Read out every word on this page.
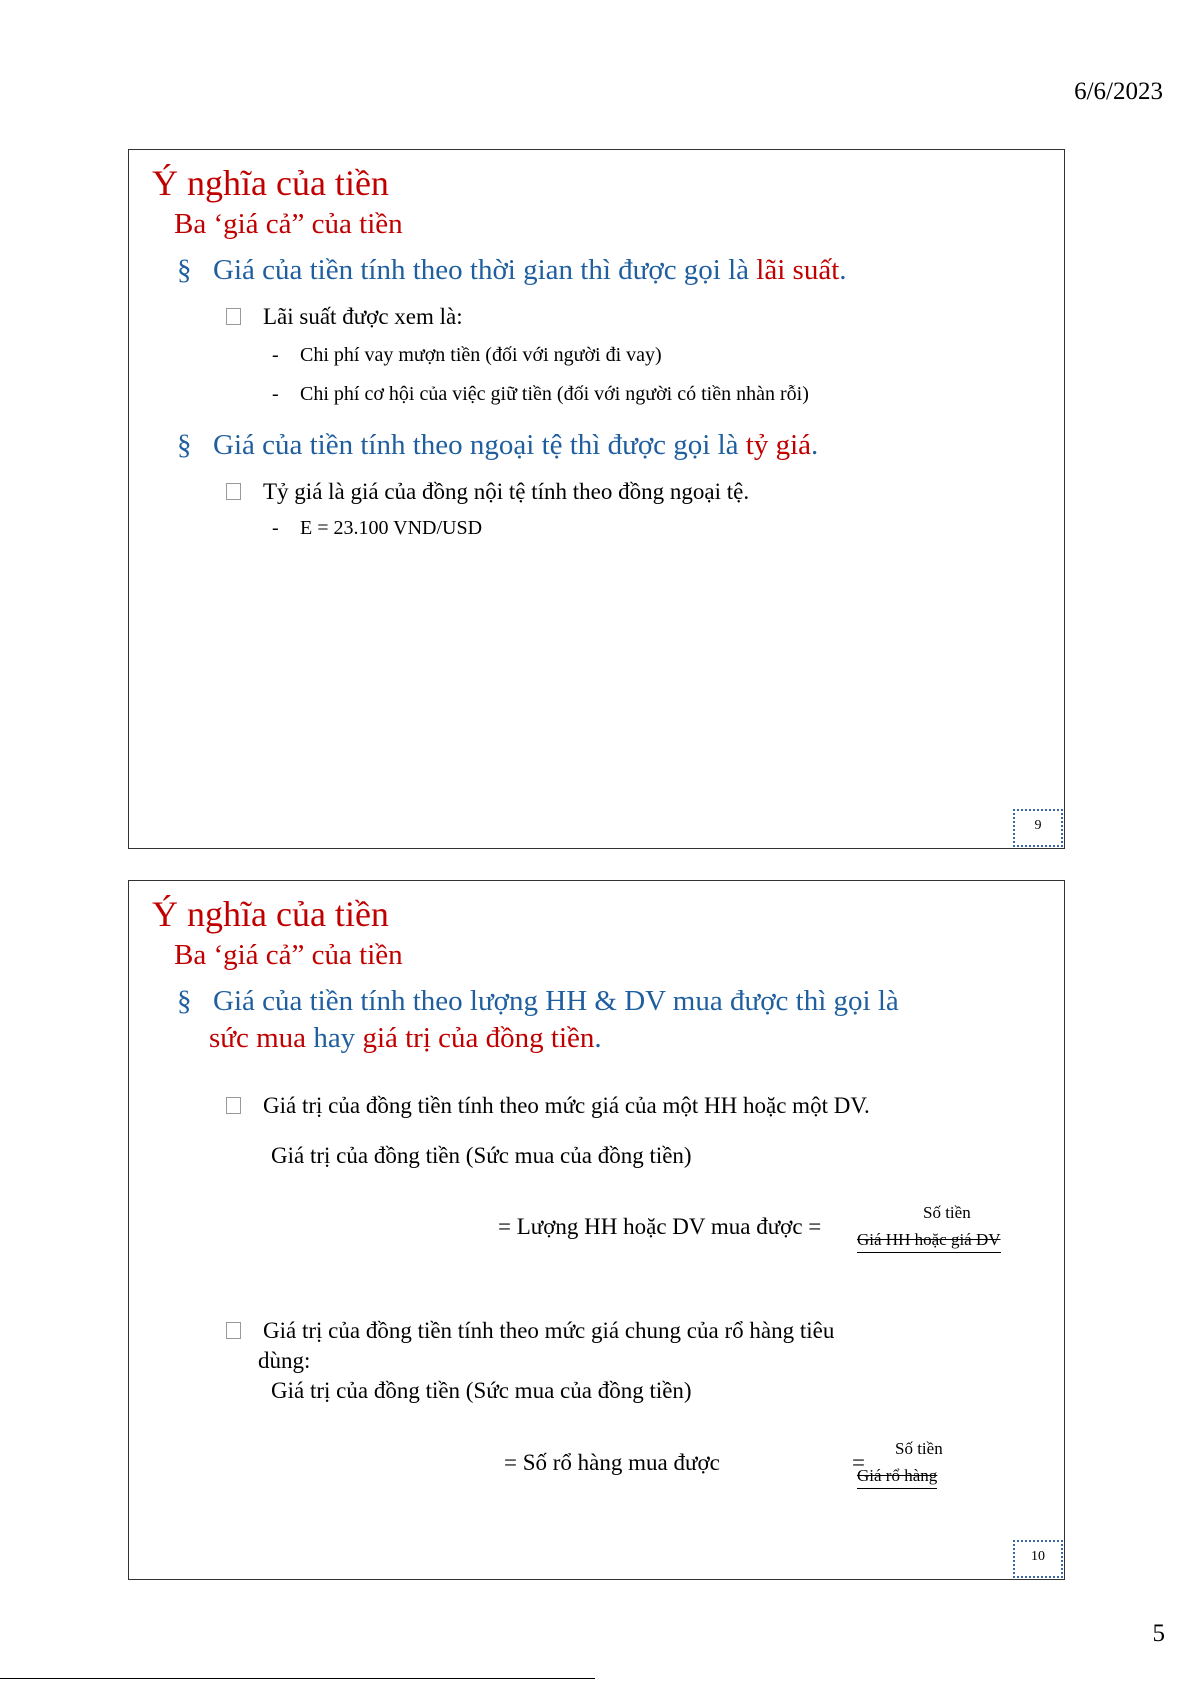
6/6/2023
Ý nghĩa của tiền
Ba ‘giá cả” của tiền
§ Giá của tiền tính theo thời gian thì được gọi là lãi suất.
Lãi suất được xem là:
- Chi phí vay mượn tiền (đối với người đi vay)
- Chi phí cơ hội của việc giữ tiền (đối với người có tiền nhàn rỗi)
§ Giá của tiền tính theo ngoại tệ thì được gọi là tỷ giá.
Tỷ giá là giá của đồng nội tệ tính theo đồng ngoại tệ.
- E = 23.100 VND/USD
9
Ý nghĩa của tiền
Ba ‘giá cả” của tiền
§ Giá của tiền tính theo lượng HH & DV mua được thì gọi là
sức mua hay giá trị của đồng tiền.
Giá trị của đồng tiền tính theo mức giá của một HH hoặc một DV.
Giá trị của đồng tiền (Sức mua của đồng tiền)
= Lượng HH hoặc DV mua được =
Số tiền
Giá HH hoặc giá DV
Giá trị của đồng tiền tính theo mức giá chung của rổ hàng tiêu
dùng:
Giá trị của đồng tiền (Sức mua của đồng tiền)
= Số rổ hàng mua được	=
Số tiền
Giá rổ hàng
10
5
